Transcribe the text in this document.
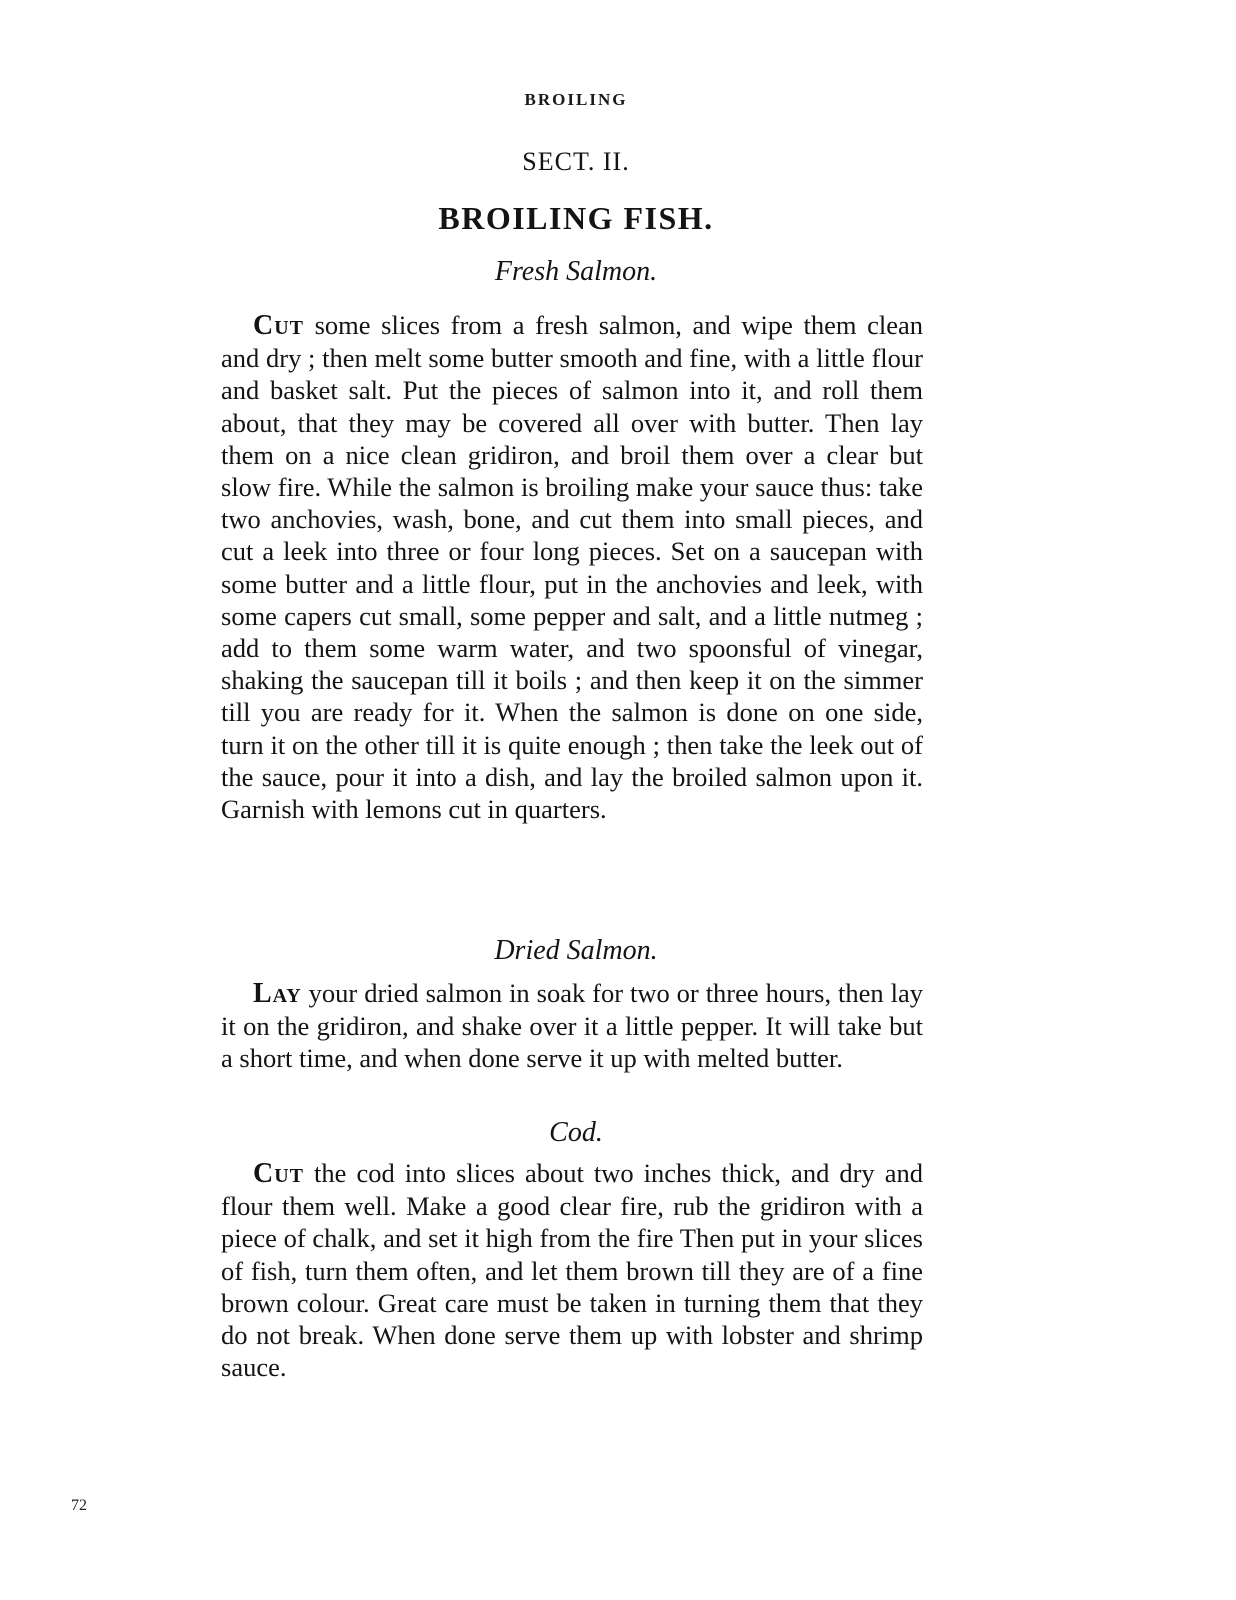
BROILING
SECT. II.
BROILING FISH.
Fresh Salmon.

Cut some slices from a fresh salmon, and wipe them clean and dry ; then melt some butter smooth and fine, with a little flour and basket salt. Put the pieces of salmon into it, and roll them about, that they may be covered all over with butter. Then lay them on a nice clean gridiron, and broil them over a clear but slow fire. While the salmon is broiling make your sauce thus: take two anchovies, wash, bone, and cut them into small pieces, and cut a leek into three or four long pieces. Set on a saucepan with some butter and a little flour, put in the anchovies and leek, with some capers cut small, some pepper and salt, and a little nutmeg ; add to them some warm water, and two spoonsful of vinegar, shaking the saucepan till it boils ; and then keep it on the simmer till you are ready for it. When the salmon is done on one side, turn it on the other till it is quite enough ; then take the leek out of the sauce, pour it into a dish, and lay the broiled salmon upon it. Garnish with lemons cut in quarters.

Dried Salmon.

Lay your dried salmon in soak for two or three hours, then lay it on the gridiron, and shake over it a little pepper. It will take but a short time, and when done serve it up with melted butter.

Cod.

Cut the cod into slices about two inches thick, and dry and flour them well. Make a good clear fire, rub the gridiron with a piece of chalk, and set it high from the fire Then put in your slices of fish, turn them often, and let them brown till they are of a fine brown colour. Great care must be taken in turning them that they do not break. When done serve them up with lobster and shrimp sauce.

72
